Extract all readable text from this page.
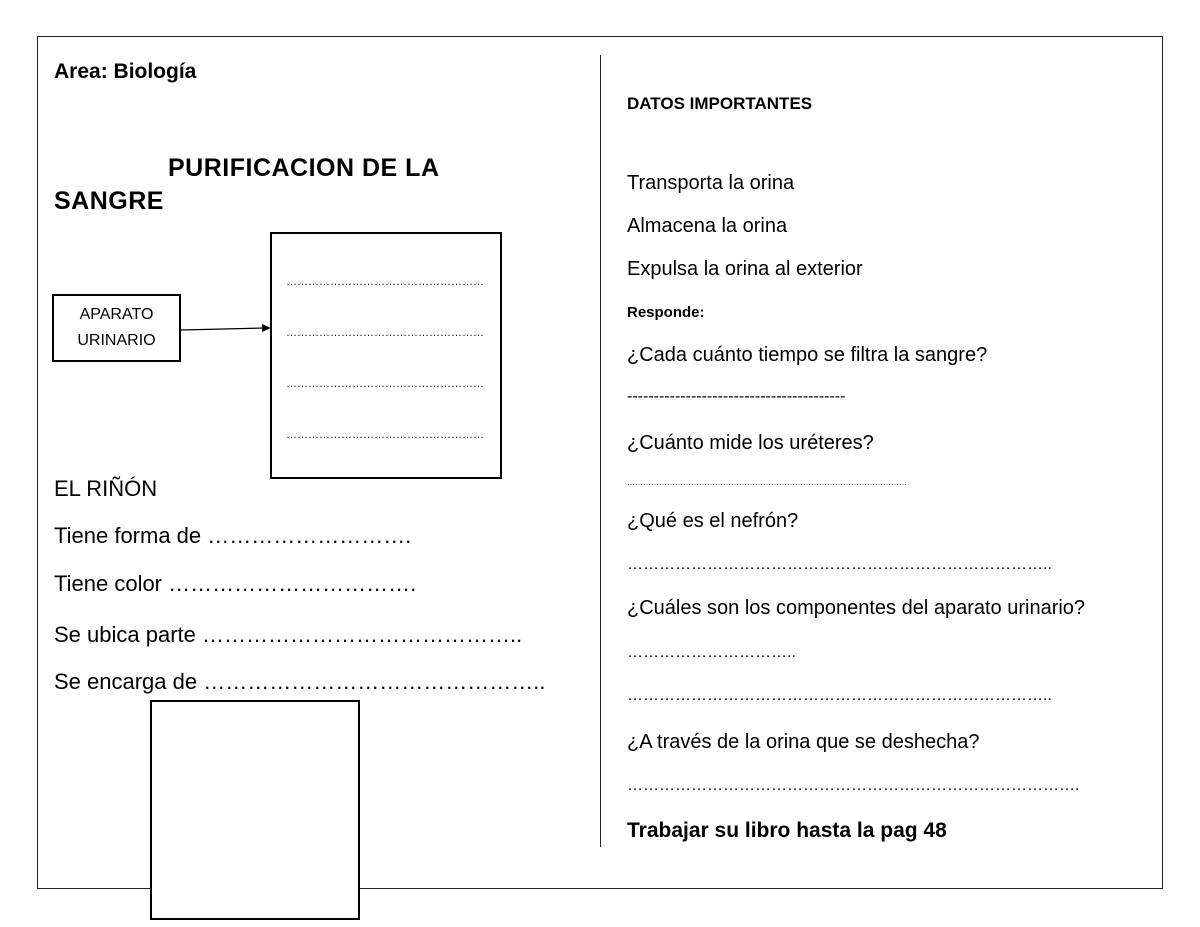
Area: Biología
PURIFICACION DE LA
SANGRE
APARATO
URINARIO
………………………………………………
………………………………………………
………………………………………………
………………………………………………
EL RIÑÓN
Tiene forma de ……………………….
Tiene color …………………………….
Se ubica parte ……………………………………..
Se encarga de ………………………………………..
DATOS IMPORTANTES
Transporta la orina
Almacena la orina
Expulsa la orina al exterior
Responde:
¿Cada cuánto tiempo se filtra la sangre?
-----------------------------------------
¿Cuánto mide los uréteres?
……………………………………………………………………………………………
¿Qué es el nefrón?
……………………………………………………………………..
¿Cuáles son los componentes del aparato urinario?
…………………………..
……………………………………………………………………..
¿A través de la orina que se deshecha?
………………………………………………………………………….
Trabajar su libro hasta la pag 48
